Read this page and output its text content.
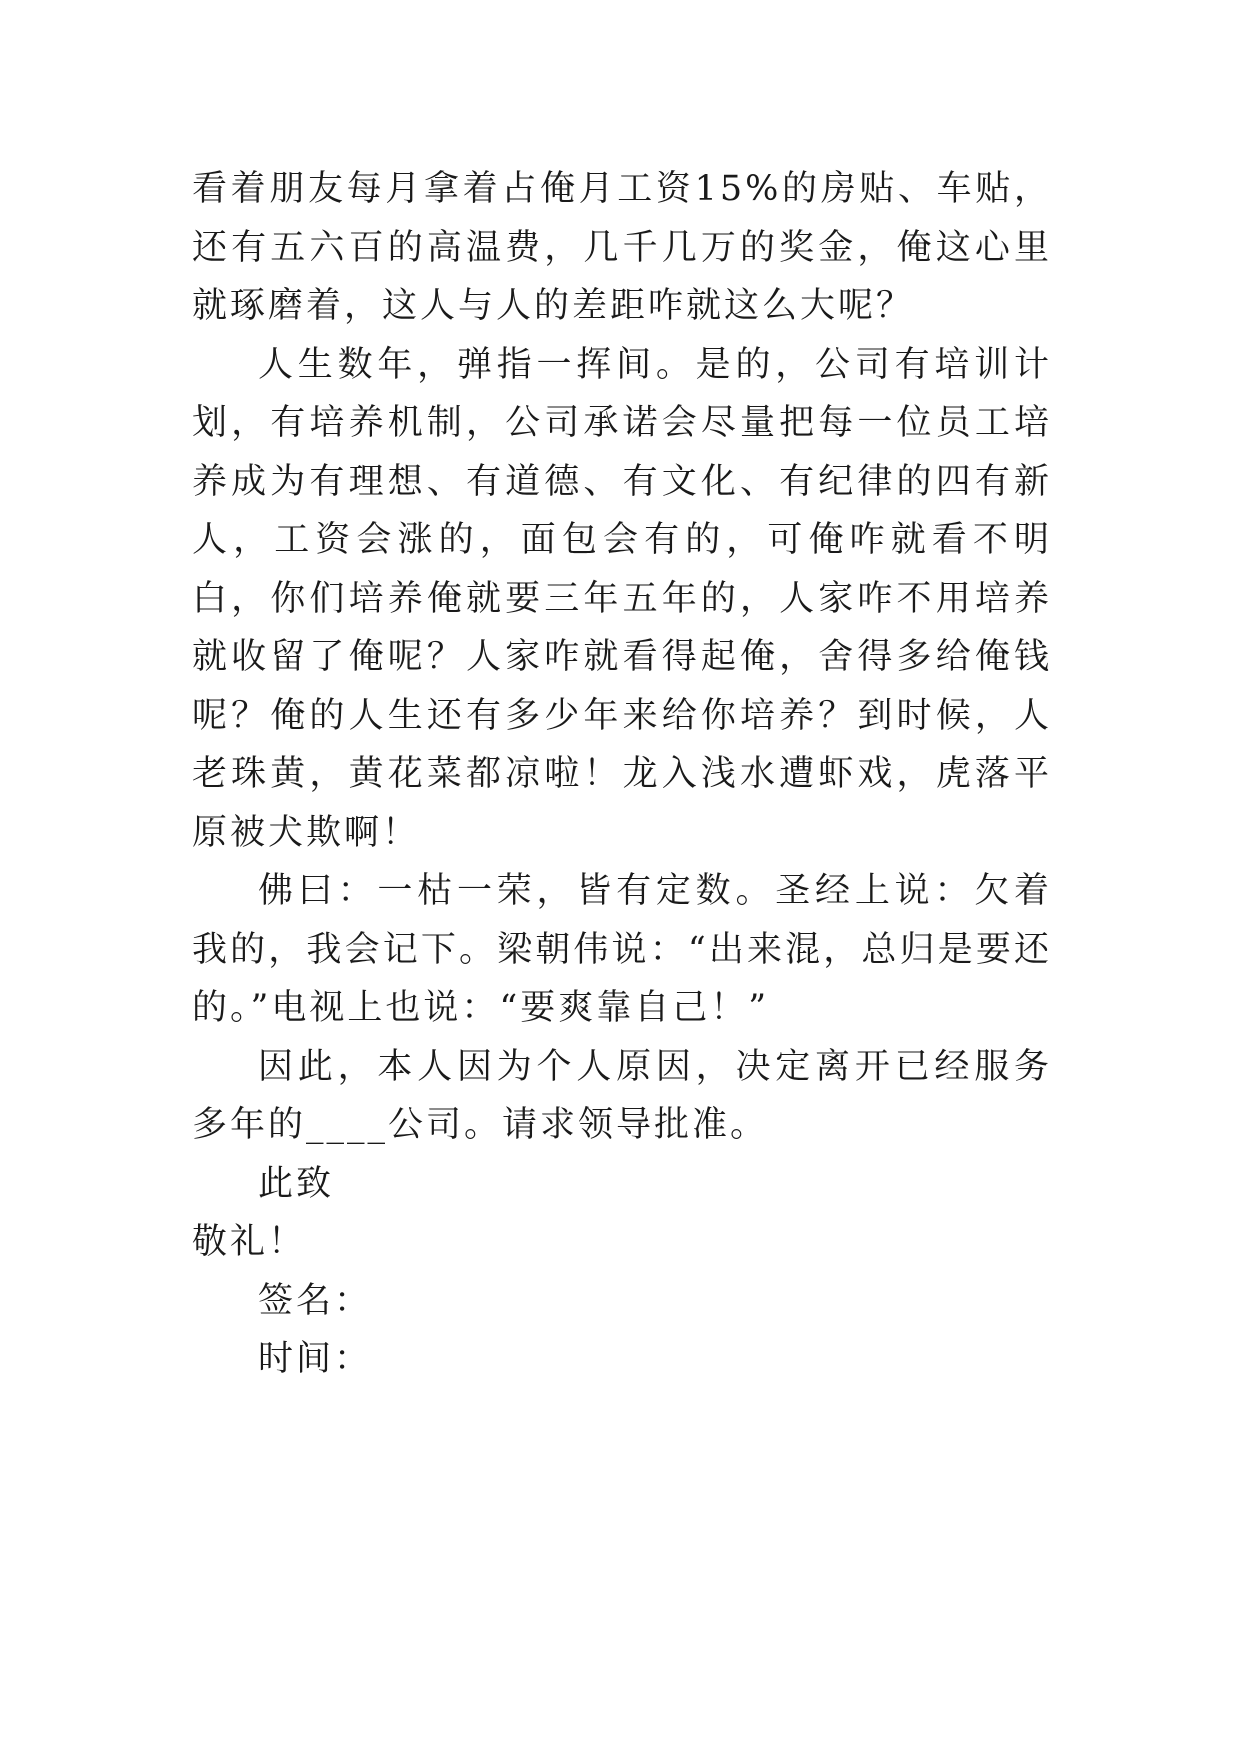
看着朋友每月拿着占俺月工资15%的房贴、车贴，还有五六百的高温费，几千几万的奖金，俺这心里就琢磨着，这人与人的差距咋就这么大呢？

人生数年，弹指一挥间。是的，公司有培训计划，有培养机制，公司承诺会尽量把每一位员工培养成为有理想、有道德、有文化、有纪律的四有新人，工资会涨的，面包会有的，可俺咋就看不明白，你们培养俺就要三年五年的，人家咋不用培养就收留了俺呢？人家咋就看得起俺，舍得多给俺钱呢？俺的人生还有多少年来给你培养？到时候，人老珠黄，黄花菜都凉啦！龙入浅水遭虾戏，虎落平原被犬欺啊！

佛曰：一枯一荣，皆有定数。圣经上说：欠着我的，我会记下。梁朝伟说：“出来混，总归是要还的。”电视上也说：“要爽靠自己！”

因此，本人因为个人原因，决定离开已经服务多年的____公司。请求领导批准。

此致

敬礼！

签名：

时间：
